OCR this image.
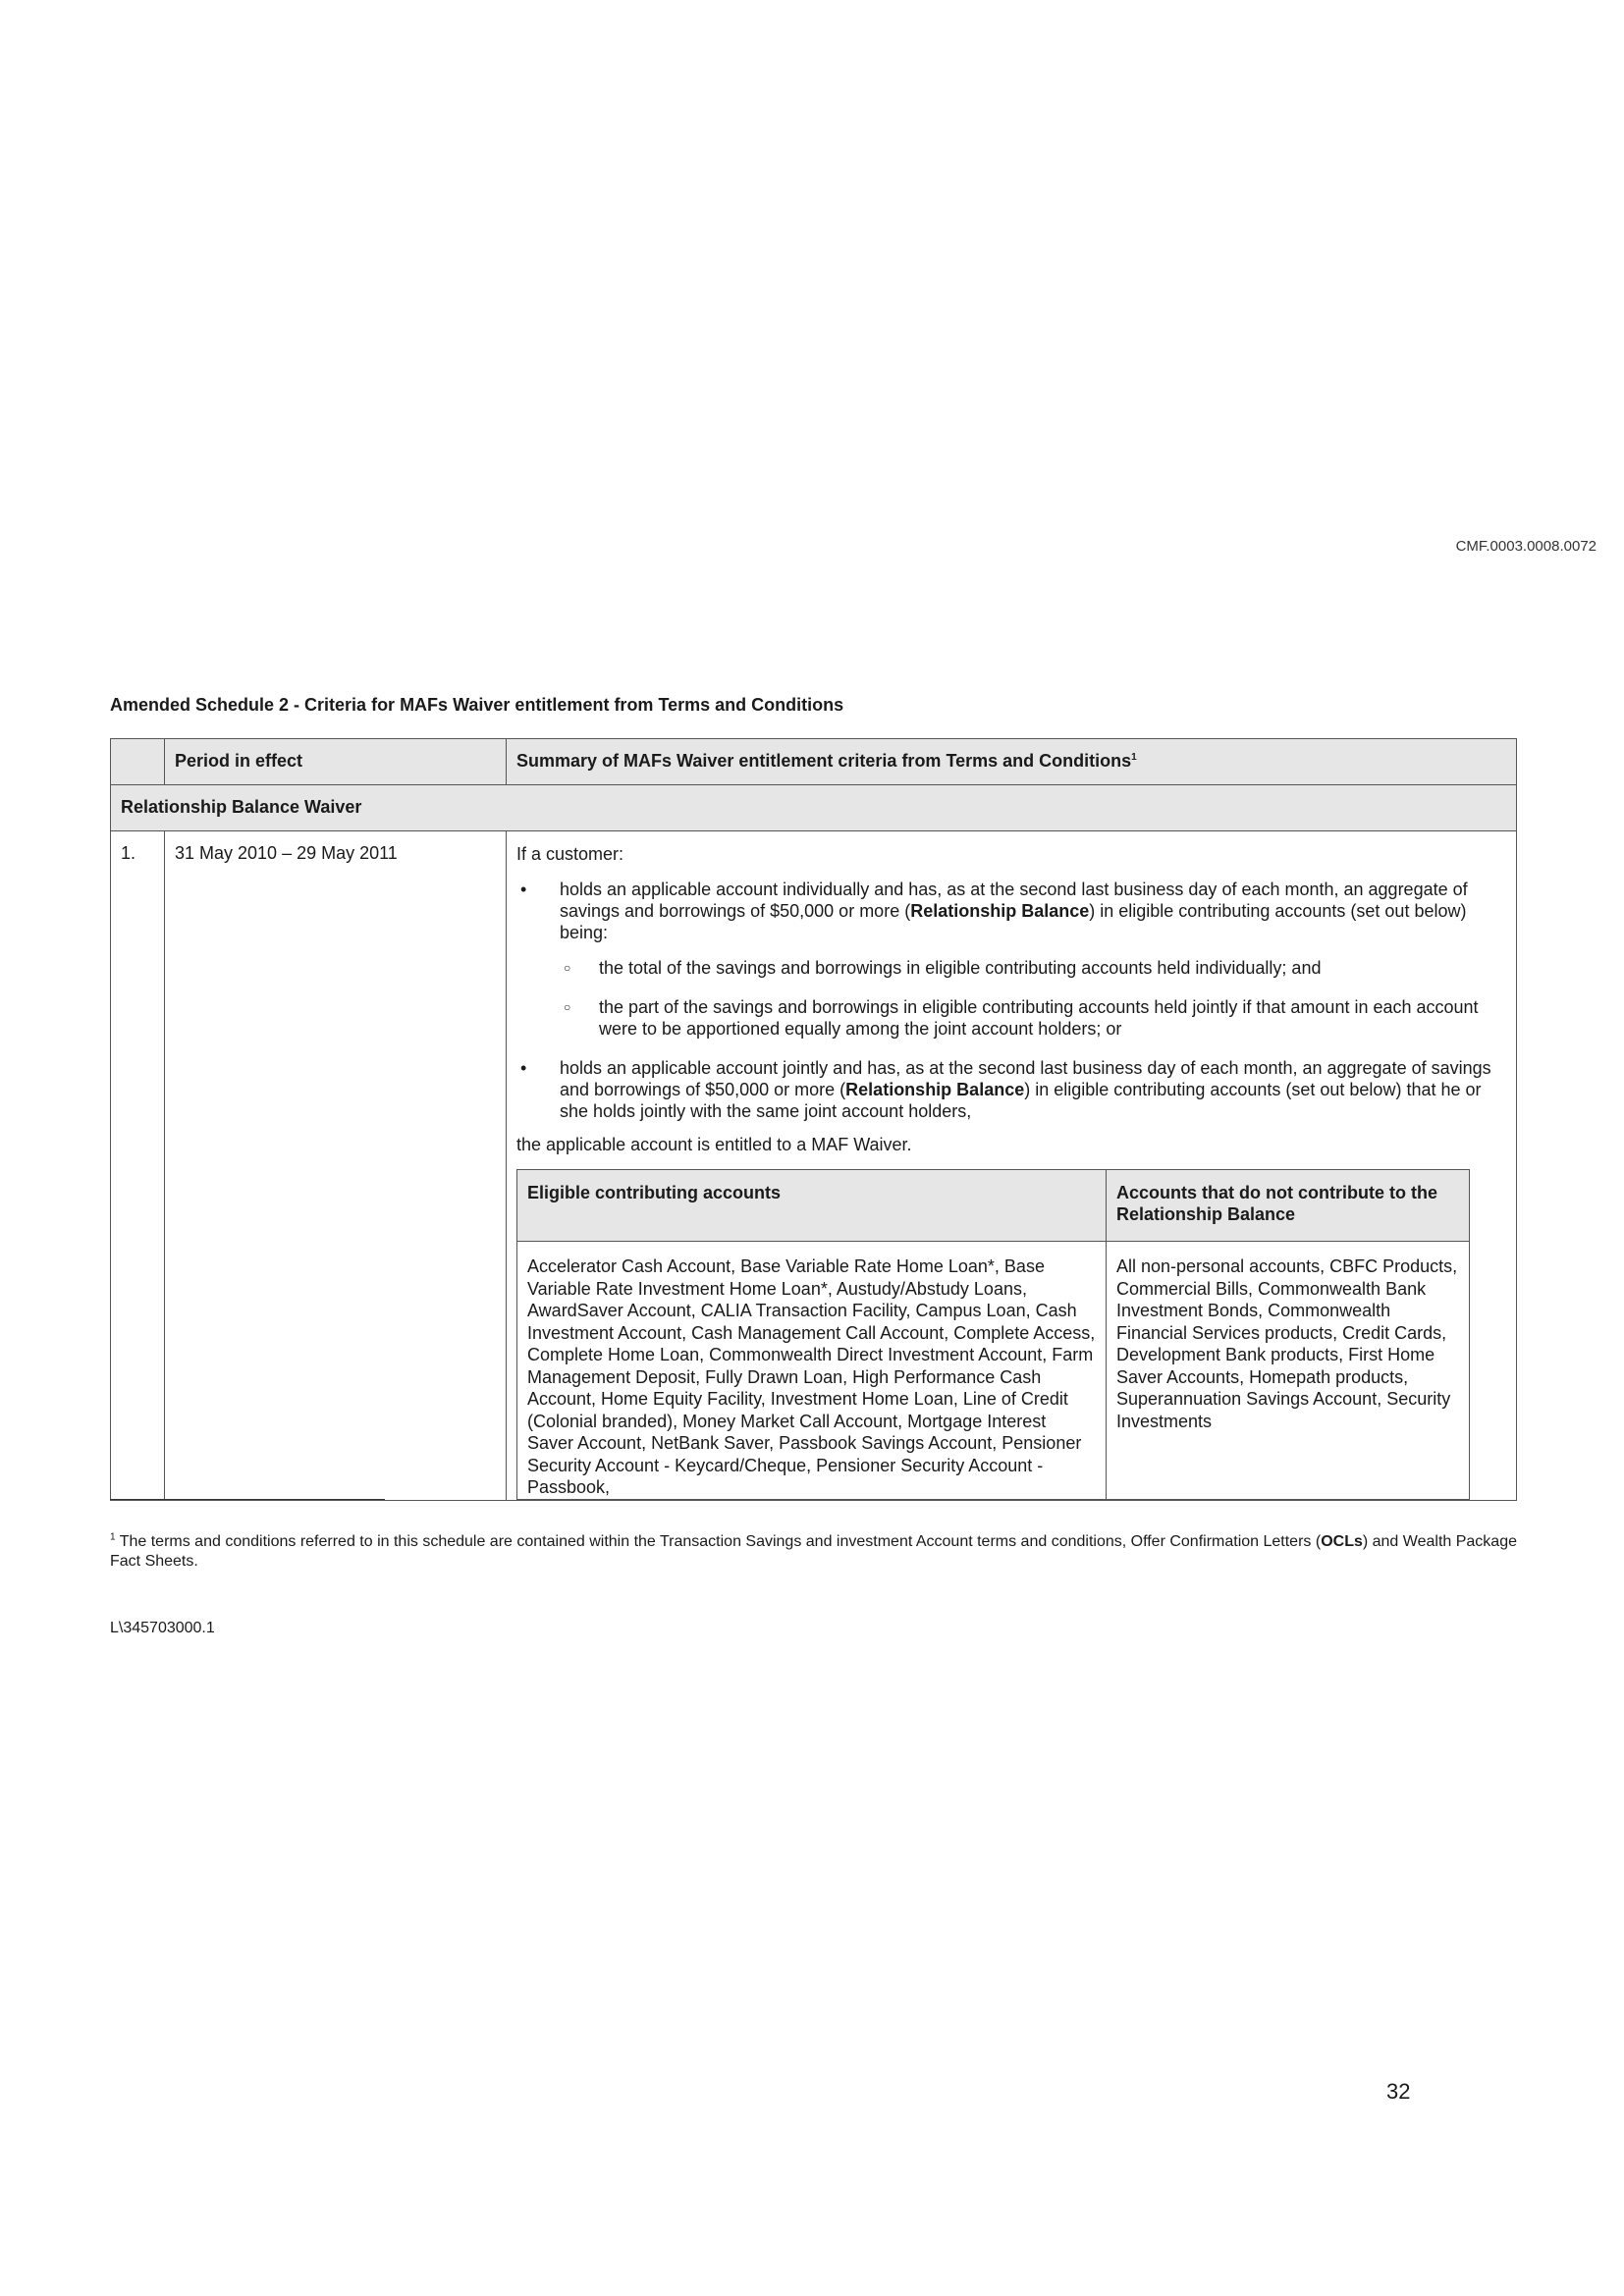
CMF.0003.0008.0072
Amended Schedule 2 - Criteria for MAFs Waiver entitlement from Terms and Conditions
	Period in effect	Summary of MAFs Waiver entitlement criteria from Terms and Conditions$^1$
Relationship Balance Waiver
1.	31 May 2010 – 29 May 2011	If a customer:

• holds an applicable account individually and has, as at the second last business day of each month, an aggregate of savings and borrowings of $50,000 or more (Relationship Balance) in eligible contributing accounts (set out below) being:
○ the total of the savings and borrowings in eligible contributing accounts held individually; and
○ the part of the savings and borrowings in eligible contributing accounts held jointly if that amount in each account were to be apportioned equally among the joint account holders; or
• holds an applicable account jointly and has, as at the second last business day of each month, an aggregate of savings and borrowings of $50,000 or more (Relationship Balance) in eligible contributing accounts (set out below) that he or she holds jointly with the same joint account holders,

the applicable account is entitled to a MAF Waiver.

Eligible contributing accounts	Accounts that do not contribute to the Relationship Balance
Accelerator Cash Account, Base Variable Rate Home Loan*, Base Variable Rate Investment Home Loan*, Austudy/Abstudy Loans, AwardSaver Account, CALIA Transaction Facility, Campus Loan, Cash Investment Account, Cash Management Call Account, Complete Access, Complete Home Loan, Commonwealth Direct Investment Account, Farm Management Deposit, Fully Drawn Loan, High Performance Cash Account, Home Equity Facility, Investment Home Loan, Line of Credit (Colonial branded), Money Market Call Account, Mortgage Interest Saver Account, NetBank Saver, Passbook Savings Account, Pensioner Security Account - Keycard/Cheque, Pensioner Security Account - Passbook,	All non-personal accounts, CBFC Products, Commercial Bills, Commonwealth Bank Investment Bonds, Commonwealth Financial Services products, Credit Cards, Development Bank products, First Home Saver Accounts, Homepath products, Superannuation Savings Account, Security Investments
$^1$ The terms and conditions referred to in this schedule are contained within the Transaction Savings and investment Account terms and conditions, Offer Confirmation Letters (OCLs) and Wealth Package Fact Sheets.
L\345703000.1
32
